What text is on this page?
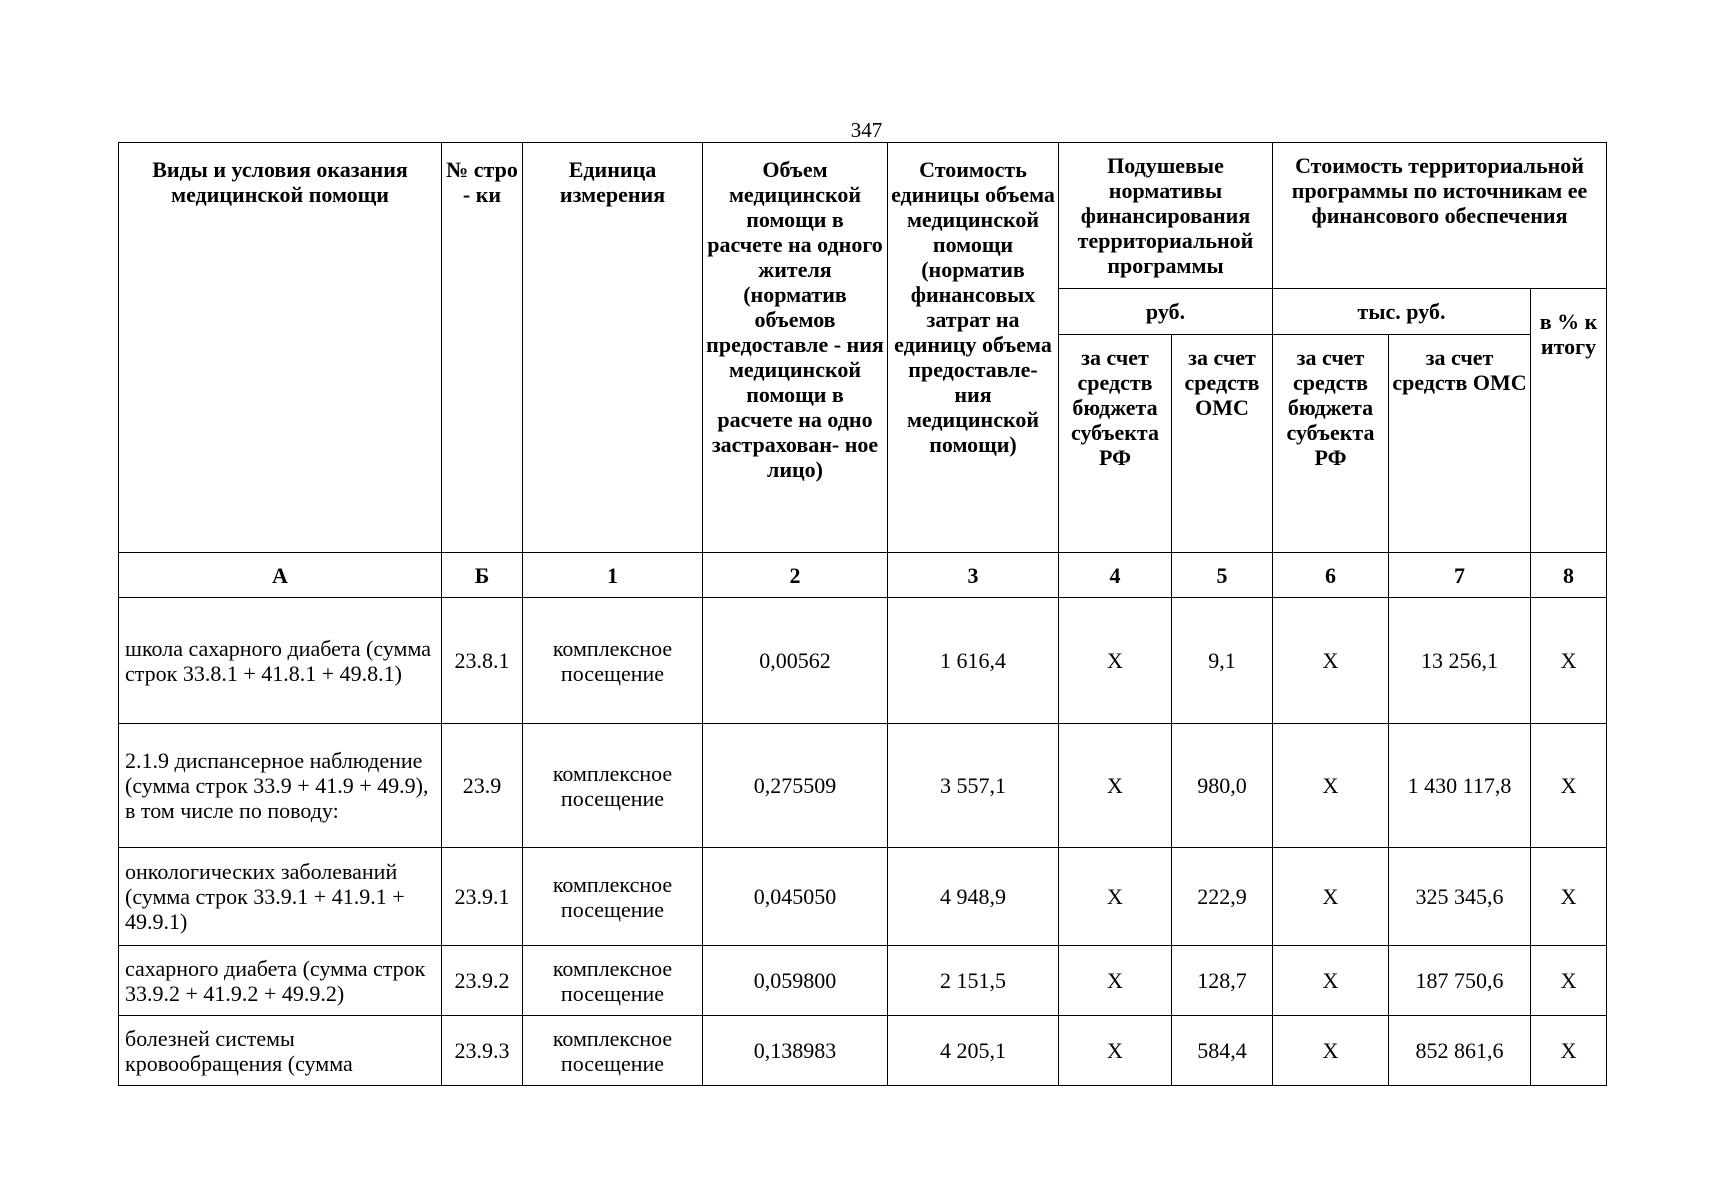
347
Виды и условия оказания медицинской помощи	№ стро - ки	Единица измерения	Объем медицинской помощи в расчете на одного жителя (норматив объемов предоставле - ния медицинской помощи в расчете на одно застрахован- ное лицо)	Стоимость единицы объема медицинской помощи (норматив финансовых затрат на единицу объема предоставле- ния медицинской помощи)	Подушевые нормативы финансирования территориальной программы		Стоимость территориальной программы по источникам ее финансового обеспечения		
					руб.		тыс. руб.		в % к итогу
					за счет средств бюджета субъекта РФ	за счет средств ОМС	за счет средств бюджета субъекта РФ	за счет средств ОМС	
А	Б	1	2	3	4	5	6	7	8
школа сахарного диабета (сумма строк 33.8.1 + 41.8.1 + 49.8.1)	23.8.1	комплексное посещение	0,00562	1 616,4	Х	9,1	Х	13 256,1	Х
2.1.9 диспансерное наблюдение (сумма строк 33.9 + 41.9 + 49.9), в том числе по поводу:	23.9	комплексное посещение	0,275509	3 557,1	Х	980,0	Х	1 430 117,8	Х
онкологических заболеваний (сумма строк 33.9.1 + 41.9.1 + 49.9.1)	23.9.1	комплексное посещение	0,045050	4 948,9	Х	222,9	Х	325 345,6	Х
сахарного диабета (сумма строк 33.9.2 + 41.9.2 + 49.9.2)	23.9.2	комплексное посещение	0,059800	2 151,5	Х	128,7	Х	187 750,6	Х
болезней системы кровообращения (сумма	23.9.3	комплексное посещение	0,138983	4 205,1	Х	584,4	Х	852 861,6	Х
